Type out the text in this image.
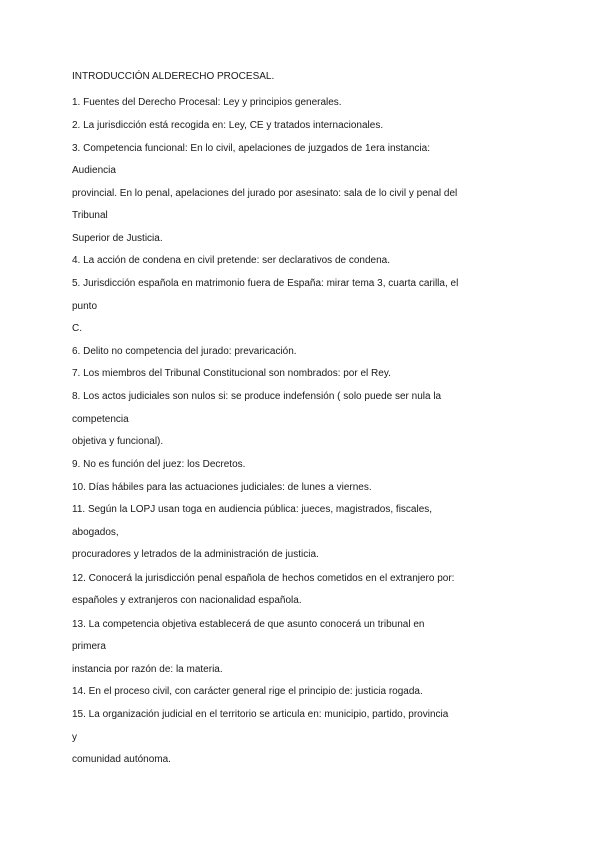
INTRODUCCIÓN ALDERECHO PROCESAL.

1. Fuentes del Derecho Procesal: Ley y principios generales.

2. La jurisdicción está recogida en: Ley, CE y tratados internacionales.

3. Competencia funcional: En lo civil, apelaciones de juzgados de 1era instancia:

Audiencia

provincial. En lo penal, apelaciones del jurado por asesinato: sala de lo civil y penal del

Tribunal

Superior de Justicia.

4. La acción de condena en civil pretende: ser declarativos de condena.

5. Jurisdicción española en matrimonio fuera de España: mirar tema 3, cuarta carilla, el

punto

C.

6. Delito no competencia del jurado: prevaricación.

7. Los miembros del Tribunal Constitucional son nombrados: por el Rey.

8. Los actos judiciales son nulos si: se produce indefensión ( solo puede ser nula la

competencia

objetiva y funcional).

9. No es función del juez: los Decretos.

10. Días hábiles para las actuaciones judiciales: de lunes a viernes.

11. Según la LOPJ usan toga en audiencia pública: jueces, magistrados, fiscales,

abogados,

procuradores y letrados de la administración de justicia.

12. Conocerá la jurisdicción penal española de hechos cometidos en el extranjero por:

españoles y extranjeros con nacionalidad española.

13. La competencia objetiva establecerá de que asunto conocerá un tribunal en

primera

instancia por razón de: la materia.

14. En el proceso civil, con carácter general rige el principio de: justicia rogada.

15. La organización judicial en el territorio se articula en: municipio, partido, provincia

y

comunidad autónoma.
